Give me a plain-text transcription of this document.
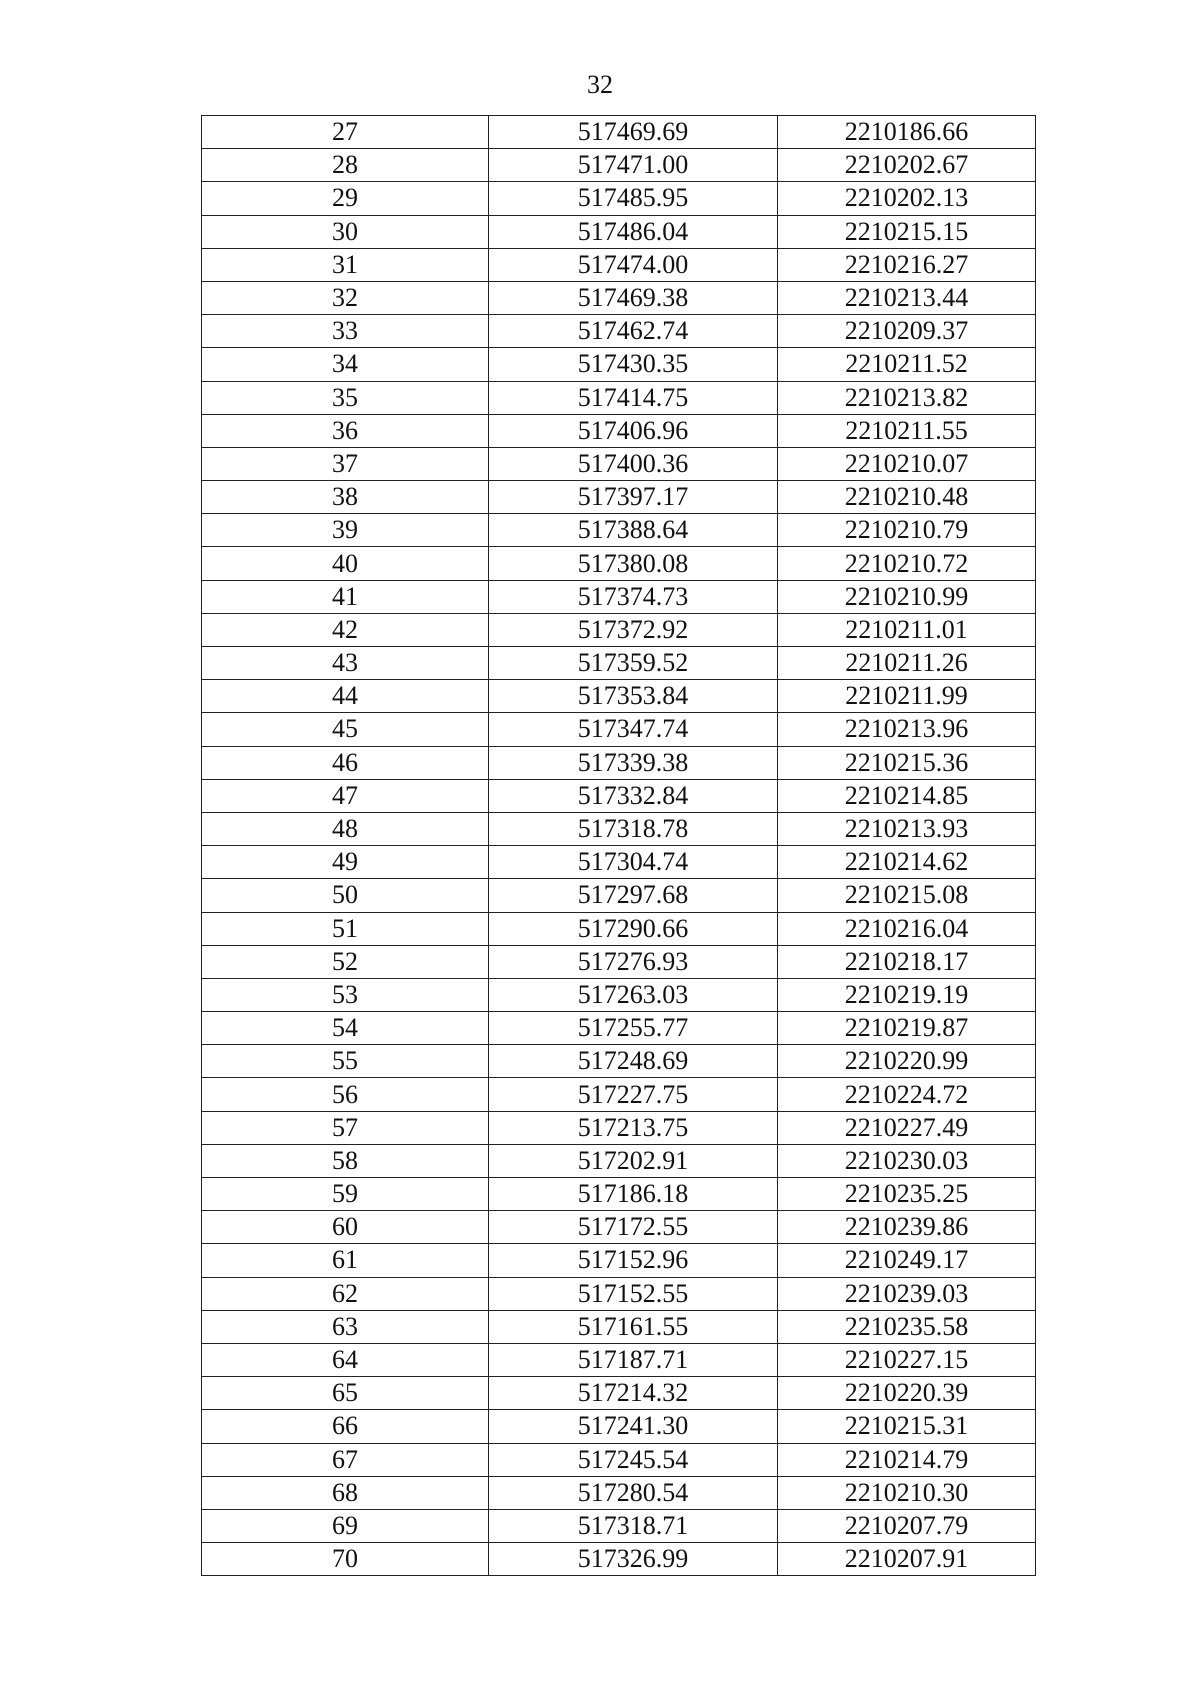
32
27	517469.69	2210186.66
28	517471.00	2210202.67
29	517485.95	2210202.13
30	517486.04	2210215.15
31	517474.00	2210216.27
32	517469.38	2210213.44
33	517462.74	2210209.37
34	517430.35	2210211.52
35	517414.75	2210213.82
36	517406.96	2210211.55
37	517400.36	2210210.07
38	517397.17	2210210.48
39	517388.64	2210210.79
40	517380.08	2210210.72
41	517374.73	2210210.99
42	517372.92	2210211.01
43	517359.52	2210211.26
44	517353.84	2210211.99
45	517347.74	2210213.96
46	517339.38	2210215.36
47	517332.84	2210214.85
48	517318.78	2210213.93
49	517304.74	2210214.62
50	517297.68	2210215.08
51	517290.66	2210216.04
52	517276.93	2210218.17
53	517263.03	2210219.19
54	517255.77	2210219.87
55	517248.69	2210220.99
56	517227.75	2210224.72
57	517213.75	2210227.49
58	517202.91	2210230.03
59	517186.18	2210235.25
60	517172.55	2210239.86
61	517152.96	2210249.17
62	517152.55	2210239.03
63	517161.55	2210235.58
64	517187.71	2210227.15
65	517214.32	2210220.39
66	517241.30	2210215.31
67	517245.54	2210214.79
68	517280.54	2210210.30
69	517318.71	2210207.79
70	517326.99	2210207.91
